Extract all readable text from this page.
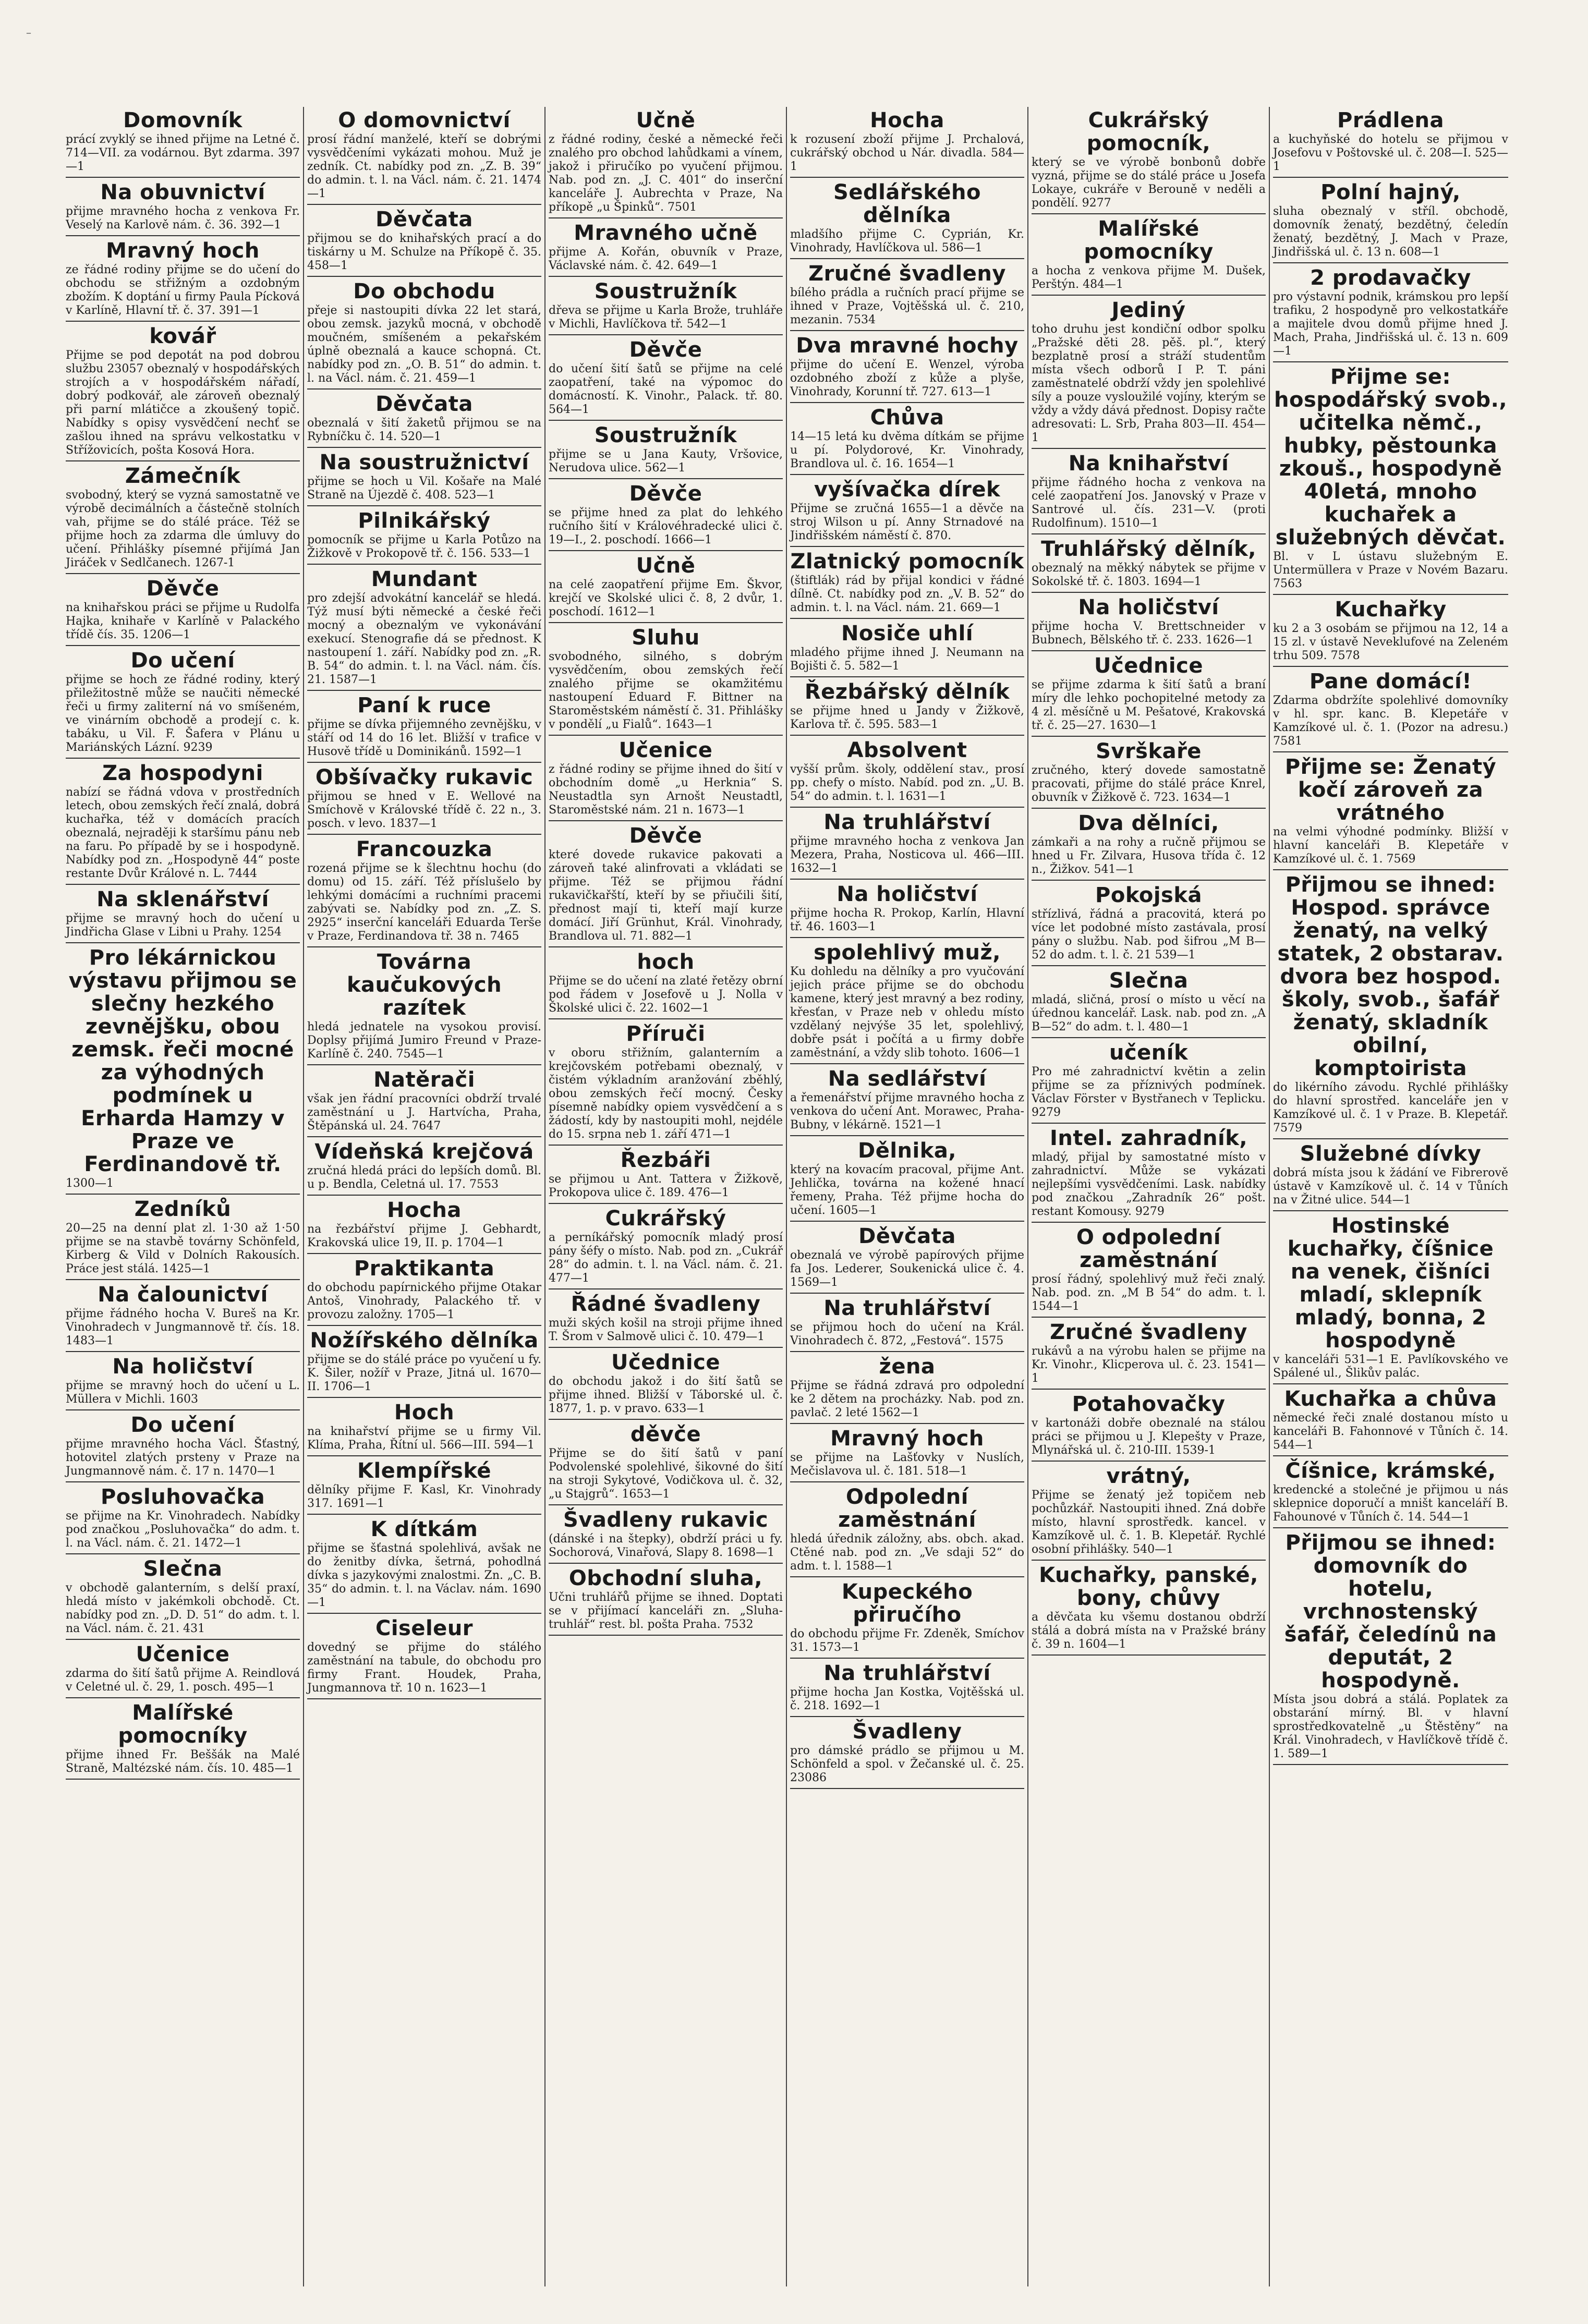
–
Domovník

prácí zvyklý se ihned přijme na Letné č. 714—VII. za vodárnou. Byt zdarma. 397—1

Na obuvnictví

přijme mravného hocha z venkova Fr. Veselý na Karlově nám. č. 36. 392—1

Mravný hoch

ze řádné rodiny přijme se do učení do obchodu se střižným a ozdobným zbožím. K doptání u firmy Paula Pícková v Karlíně, Hlavní tř. č. 37. 391—1

kovář

Přijme se pod depotát na pod dobrou službu 23057 obeznalý v hospodářských strojích a v hospodářském nářadí, dobrý podkovář, ale zároveň obeznalý při parní mlátičce a zkoušený topič. Nabídky s opisy vysvědčení nechť se zašlou ihned na správu velkostatku v Střížovicích, pošta Kosová Hora.

Zámečník

svobodný, který se vyzná samostatně ve výrobě decimálních a částečně stolních vah, přijme se do stálé práce. Též se přijme hoch za zdarma dle úmluvy do učení. Přihlášky písemné přijímá Jan Jiráček v Sedlčanech. 1267-1

Děvče

na knihařskou práci se přijme u Rudolfa Hajka, knihaře v Karlíně v Palackého třídě čís. 35. 1206—1

Do učení

přijme se hoch ze řádné rodiny, který přiležitostně může se naučiti německé řeči u firmy zaliterní ná vo smíšeném, ve vinárním obchodě a prodejí c. k. tabáku, u Vil. F. Šafera v Plánu u Mariánských Lázní. 9239

Za hospodyni

nabízí se řádná vdova v prostředních letech, obou zemských řečí znalá, dobrá kuchařka, též v domácích pracích obeznalá, nejraději k staršímu pánu neb na faru. Po případě by se i hospodyně. Nabídky pod zn. „Hospodyně 44“ poste restante Dvůr Králové n. L. 7444

Na sklenářství

přijme se mravný hoch do učení u Jindřicha Glase v Libni u Prahy. 1254

Pro lékárnickou výstavu přijmou se slečny hezkého zevnějšku, obou zemsk. řeči mocné za výhodných podmínek u Erharda Hamzy v Praze ve Ferdinandově tř.

1300—1

Zedníků

20—25 na denní plat zl. 1·30 až 1·50 přijme se na stavbě továrny Schönfeld, Kirberg & Vild v Dolních Rakousích. Práce jest stálá. 1425—1

Na čalounictví

přijme řádného hocha V. Bureš na Kr. Vinohradech v Jungmannově tř. čís. 18. 1483—1

Na holičství

přijme se mravný hoch do učení u L. Müllera v Michli. 1603

Do učení

přijme mravného hocha Václ. Šťastný, hotovitel zlatých prsteny v Praze na Jungmannově nám. č. 17 n. 1470—1

Posluhovačka

se přijme na Kr. Vinohradech. Nabídky pod značkou „Posluhovačka“ do adm. t. l. na Václ. nám. č. 21. 1472—1

Slečna

v obchodě galanterním, s delší praxí, hledá místo v jakémkoli obchodě. Ct. nabídky pod zn. „D. D. 51“ do adm. t. l. na Václ. nám. č. 21. 431

Učenice

zdarma do šití šatů přijme A. Reindlová v Celetné ul. č. 29, 1. posch. 495—1

Malířské pomocníky

přijme ihned Fr. Beššák na Malé Straně, Maltézské nám. čís. 10. 485—1

O domovnictví

prosí řádní manželé, kteří se dobrými vysvědčeními vykázati mohou. Muž je zedník. Ct. nabídky pod zn. „Z. B. 39“ do admin. t. l. na Václ. nám. č. 21. 1474—1

Děvčata

přijmou se do knihařských prací a do tiskárny u M. Schulze na Příkopě č. 35. 458—1

Do obchodu

přeje si nastoupiti dívka 22 let stará, obou zemsk. jazyků mocná, v obchodě moučném, smíšeném a pekařském úplně obeznalá a kauce schopná. Ct. nabídky pod zn. „O. B. 51“ do admin. t. l. na Václ. nám. č. 21. 459—1

Děvčata

obeznalá v šití žaketů přijmou se na Rybníčku č. 14. 520—1

Na soustružnictví

přijme se hoch u Vil. Košaře na Malé Straně na Újezdě č. 408. 523—1

Pilnikářský

pomocník se přijme u Karla Potůzo na Žižkově v Prokopově tř. č. 156. 533—1

Mundant

pro zdejší advokátní kancelář se hledá. Týž musí býti německé a české řeči mocný a obeznalým ve vykonávání exekucí. Stenografie dá se přednost. K nastoupení 1. září. Nabídky pod zn. „R. B. 54“ do admin. t. l. na Václ. nám. čís. 21. 1587—1

Paní k ruce

přijme se dívka přijemného zevnějšku, v stáří od 14 do 16 let. Bližší v trafice v Husově třídě u Dominikánů. 1592—1

Obšívačky rukavic

přijmou se hned v E. Wellové na Smíchově v Královské třídě č. 22 n., 3. posch. v levo. 1837—1

Francouzka

rozená přijme se k šlechtnu hochu (do domu) od 15. září. Též příslušelo by lehkými domácími a ruchními pracemi zabývati se. Nabídky pod zn. „Z. S. 2925“ inserční kanceláři Eduarda Terše v Praze, Ferdinandova tř. 38 n. 7465

Továrna kaučukových razítek

hledá jednatele na vysokou provisí. Doplsy přijímá Jumiro Freund v Praze-Karlíně č. 240. 7545—1

Natěrači

však jen řádní pracovníci obdrží trvalé zaměstnání u J. Hartvícha, Praha, Štěpánská ul. 24. 7647

Vídeňská krejčová

zručná hledá práci do lepších domů. Bl. u p. Bendla, Celetná ul. 17. 7553

Hocha

na řezbářství přijme J. Gebhardt, Krakovská ulice 19, II. p. 1704—1

Praktikanta

do obchodu papírnického přijme Otakar Antoš, Vinohrady, Palackého tř. v provozu založny. 1705—1

Nožířského dělníka

přijme se do stálé práce po vyučení u fy. K. Šiler, nožíř v Praze, Jitná ul. 1670—II. 1706—1

Hoch

na knihařství přijme se u firmy Vil. Klíma, Praha, Řítní ul. 566—III. 594—1

Klempířské

dělníky přijme F. Kasl, Kr. Vinohrady 317. 1691—1

K dítkám

přijme se šťastná spolehlivá, avšak ne do ženitby dívka, šetrná, pohodlná dívka s jazykovými znalostmi. Zn. „C. B. 35“ do admin. t. l. na Václav. nám. 1690—1

Ciseleur

dovedný se přijme do stálého zaměstnání na tabule, do obchodu pro firmy Frant. Houdek, Praha, Jungmannova tř. 10 n. 1623—1

Učně

z řádné rodiny, české a německé řeči znalého pro obchod lahůdkami a vínem, jakož i přiručíko po vyučení přijmou. Nab. pod zn. „J. C. 401“ do inserční kanceláře J. Aubrechta v Praze, Na příkopě „u Špinků“. 7501

Mravného učně

přijme A. Kořán, obuvník v Praze, Václavské nám. č. 42. 649—1

Soustružník

dřeva se přijme u Karla Brože, truhláře v Michli, Havlíčkova tř. 542—1

Děvče

do učení šití šatů se přijme na celé zaopatření, také na výpomoc do domácností. K. Vinohr., Palack. tř. 80. 564—1

Soustružník

přijme se u Jana Kauty, Vršovice, Nerudova ulice. 562—1

Děvče

se přijme hned za plat do lehkého ručního šití v Královéhradecké ulici č. 19—I., 2. poschodí. 1666—1

Učně

na celé zaopatření přijme Em. Škvor, krejčí ve Skolské ulici č. 8, 2 dvůr, 1. poschodí. 1612—1

Sluhu

svobodného, silného, s dobrým vysvědčením, obou zemských řečí znalého přijme se okamžitému nastoupení Eduard F. Bittner na Staroměstském náměstí č. 31. Přihlášky v pondělí „u Fialů“. 1643—1

Učenice

z řádné rodiny se přijme ihned do šití v obchodním domě „u Herknia“ S. Neustadtla syn Arnošt Neustadtl, Staroměstské nám. 21 n. 1673—1

Děvče

které dovede rukavice pakovati a zároveň také alinfrovati a vkládati se přijme. Též se přijmou řádní rukavičkařští, kteří by se přiučili šití, přednost mají ti, kteří mají kurze domácí. Jiří Grünhut, Král. Vinohrady, Brandlova ul. 71. 882—1

hoch

Přijme se do učení na zlaté řetězy obrní pod řádem v Josefově u J. Nolla v Školské ulici č. 22. 1602—1

Příruči

v oboru střižním, galanterním a krejčovském potřebami obeznalý, v čistém výkladním aranžování zběhlý, obou zemských řečí mocný. Česky písemně nabídky opiem vysvědčení a s žádostí, kdy by nastoupiti mohl, nejdéle do 15. srpna neb 1. září 471—1

Řezbáři

se přijmou u Ant. Tattera v Žižkově, Prokopova ulice č. 189. 476—1

Cukrářský

a perníkářský pomocník mladý prosí pány šéfy o místo. Nab. pod zn. „Cukrář 28“ do admin. t. l. na Václ. nám. č. 21. 477—1

Řádné švadleny

muži ských košil na stroji přijme ihned T. Šrom v Salmově ulici č. 10. 479—1

Učednice

do obchodu jakož i do šití šatů se přijme ihned. Bližší v Táborské ul. č. 1877, 1. p. v pravo. 633—1

děvče

Přijme se do šití šatů v paní Podvolenské spolehlivé, šikovné do šití na stroji Sykytové, Vodičkova ul. č. 32, „u Stajgrů“. 1653—1

Švadleny rukavic

(dánské i na štepky), obdrží práci u fy. Sochorová, Vinařová, Slapy 8. 1698—1

Obchodní sluha,

Učni truhlářů přijme se ihned. Doptati se v přijímací kanceláři zn. „Sluha-truhlář“ rest. bl. pošta Praha. 7532

Hocha

k rozusení zboží přijme J. Prchalová, cukrářský obchod u Nár. divadla. 584—1

Sedlářského dělníka

mladšího přijme C. Cyprián, Kr. Vinohrady, Havlíčkova ul. 586—1

Zručné švadleny

bílého prádla a ručních prací přijme se ihned v Praze, Vojtěšská ul. č. 210, mezanin. 7534

Dva mravné hochy

přijme do učení E. Wenzel, výroba ozdobného zboží z kůže a plyše, Vinohrady, Korunní tř. 727. 613—1

Chůva

14—15 letá ku dvěma dítkám se přijme u pí. Polydorové, Kr. Vinohrady, Brandlova ul. č. 16. 1654—1

vyšívačka dírek

Přijme se zručná 1655—1 a děvče na stroj Wilson u pí. Anny Strnadové na Jindřišském náměstí č. 870.

Zlatnický pomocník

(štiftlák) rád by přijal kondici v řádné dílně. Ct. nabídky pod zn. „V. B. 52“ do admin. t. l. na Václ. nám. 21. 669—1

Nosiče uhlí

mladého přijme ihned J. Neumann na Bojišti č. 5. 582—1

Řezbářský dělník

se přijme hned u Jandy v Žižkově, Karlova tř. č. 595. 583—1

Absolvent

vyšší prům. školy, oddělení stav., prosí pp. chefy o místo. Nabíd. pod zn. „U. B. 54“ do admin. t. l. 1631—1

Na truhlářství

přijme mravného hocha z venkova Jan Mezera, Praha, Nosticova ul. 466—III. 1632—1

Na holičství

přijme hocha R. Prokop, Karlín, Hlavní tř. 46. 1603—1

spolehlivý muž,

Ku dohledu na dělníky a pro vyučování jejich práce přijme se do obchodu kamene, který jest mravný a bez rodiny, křesťan, v Praze neb v ohledu místo vzdělaný nejvýše 35 let, spolehlivý, dobře psát i počítá a u firmy dobře zaměstnání, a vždy slib tohoto. 1606—1

Na sedlářství

a řemenářství přijme mravného hocha z venkova do učení Ant. Morawec, Praha-Bubny, v lékárně. 1521—1

Dělnika,

který na kovacím pracoval, přijme Ant. Jehlička, továrna na kožené hnací řemeny, Praha. Též přijme hocha do učení. 1605—1

Děvčata

obeznalá ve výrobě papírových přijme fa Jos. Lederer, Soukenická ulice č. 4. 1569—1

Na truhlářství

se přijmou hoch do učení na Král. Vinohradech č. 872, „Festová“. 1575

žena

Přijme se řádná zdravá pro odpolední ke 2 dětem na procházky. Nab. pod zn. pavlač. 2 leté 1562—1

Mravný hoch

se přijme na Lašťovky v Nuslích, Mečislavova ul. č. 181. 518—1

Odpolední zaměstnání

hledá úřednik záložny, abs. obch. akad. Ctěné nab. pod zn. „Ve sdaji 52“ do adm. t. l. 1588—1

Kupeckého přiručího

do obchodu přijme Fr. Zdeněk, Smíchov 31. 1573—1

Na truhlářství

přijme hocha Jan Kostka, Vojtěšská ul. č. 218. 1692—1

Švadleny

pro dámské prádlo se přijmou u M. Schönfeld a spol. v Žečanské ul. č. 25. 23086

Cukrářský pomocník,

který se ve výrobě bonbonů dobře vyzná, přijme se do stálé práce u Josefa Lokaye, cukráře v Berouně v neděli a pondělí. 9277

Malířské pomocníky

a hocha z venkova přijme M. Dušek, Perštýn. 484—1

Jediný

toho druhu jest kondiční odbor spolku „Pražské děti 28. pěš. pl.“, který bezplatně prosí a stráží studentům místa všech odborů I P. T. páni zaměstnatelé obdrží vždy jen spolehlivé síly a pouze vysloužilé vojíny, kterým se vždy a vždy dává přednost. Dopisy račte adresovati: L. Srb, Praha 803—II. 454—1

Na knihařství

přijme řádného hocha z venkova na celé zaopatření Jos. Janovský v Praze v Santrové ul. čís. 231—V. (proti Rudolfinum). 1510—1

Truhlářský dělník,

obeznalý na měkký nábytek se přijme v Sokolské tř. č. 1803. 1694—1

Na holičství

přijme hocha V. Brettschneider v Bubnech, Bělského tř. č. 233. 1626—1

Učednice

se přijme zdarma k šití šatů a braní míry dle lehko pochopitelné metody za 4 zl. měsíčně u M. Pešatové, Krakovská tř. č. 25—27. 1630—1

Svrškaře

zručného, který dovede samostatně pracovati, přijme do stálé práce Knrel, obuvník v Žižkově č. 723. 1634—1

Dva dělníci,

zámkaři a na rohy a ručně přijmou se hned u Fr. Zilvara, Husova třída č. 12 n., Žižkov. 541—1

Pokojská

střízlivá, řádná a pracovitá, která po více let podobné místo zastávala, prosí pány o službu. Nab. pod šifrou „M B—52 do adm. t. l. č. 21 539—1

Slečna

mladá, sličná, prosí o místo u věcí na úřednou kancelář. Lask. nab. pod zn. „A B—52“ do adm. t. l. 480—1

učeník

Pro mé zahradnictví květin a zelin přijme se za příznivých podmínek. Václav Förster v Bystřanech v Teplicku. 9279

Intel. zahradník,

mladý, přijal by samostatné místo v zahradnictví. Může se vykázati nejlepšími vysvědčeními. Lask. nabídky pod značkou „Zahradník 26“ pošt. restant Komousy. 9279

O odpolední zaměstnání

prosí řádný, spolehlivý muž řeči znalý. Nab. pod. zn. „M B 54“ do adm. t. l. 1544—1

Zručné švadleny

rukávů a na výrobu halen se přijme na Kr. Vinohr., Klicperova ul. č. 23. 1541—1

Potahovačky

v kartonáži dobře obeznalé na stálou práci se přijmou u J. Klepešty v Praze, Mlynářská ul. č. 210-III. 1539-1

vrátný,

Přijme se ženatý jež topičem neb pochůzkář. Nastoupiti ihned. Zná dobře místo, hlavní sprostředk. kancel. v Kamzíkově ul. č. 1. B. Klepetář. Rychlé osobní přihlášky. 540—1

Kuchařky, panské, bony, chůvy

a děvčata ku všemu dostanou obdrží stálá a dobrá místa na v Pražské brány č. 39 n. 1604—1

Prádlena

a kuchyňské do hotelu se přijmou v Josefovu v Poštovské ul. č. 208—I. 525—1

Polní hajný,

sluha obeznalý v stříl. obchodě, domovník ženatý, bezdětný, čeledín ženatý, bezdětný, J. Mach v Praze, Jindřišská ul. č. 13 n. 608—1

2 prodavačky

pro výstavní podnik, krámskou pro lepší trafiku, 2 hospodyně pro velkostatkáře a majitele dvou domů přijme hned J. Mach, Praha, Jindřišská ul. č. 13 n. 609—1

Přijme se: hospodářský svob., učitelka němč., hubky, pěstounka zkouš., hospodyně 40letá, mnoho kuchařek a služebných děvčat.

Bl. v L ústavu služebným E. Untermüllera v Praze v Novém Bazaru. 7563

Kuchařky

ku 2 a 3 osobám se přijmou na 12, 14 a 15 zl. v ústavě Neveklufové na Zeleném trhu 509. 7578

Pane domácí!

Zdarma obdržíte spolehlivé domovníky v hl. spr. kanc. B. Klepetáře v Kamzíkové ul. č. 1. (Pozor na adresu.) 7581

Přijme se: Ženatý kočí zároveň za vrátného

na velmi výhodné podmínky. Bližší v hlavní kanceláři B. Klepetáře v Kamzíkové ul. č. 1. 7569

Přijmou se ihned: Hospod. správce ženatý, na velký statek, 2 obstarav. dvora bez hospod. školy, svob., šafář ženatý, skladník obilní, komptoirista

do likérního závodu. Rychlé přihlášky do hlavní sprostřed. kanceláře jen v Kamzíkové ul. č. 1 v Praze. B. Klepetář. 7579

Služebné dívky

dobrá místa jsou k žádání ve Fibrerově ústavě v Kamzíkově ul. č. 14 v Tůních na v Žitné ulice. 544—1

Hostinské kuchařky, číšnice na venek, čišníci mladí, sklepník mladý, bonna, 2 hospodyně

v kanceláři 531—1 E. Pavlíkovského ve Spálené ul., Šlikův palác.

Kuchařka a chůva

německé řeči znalé dostanou místo u kanceláři B. Fahonnové v Tůních č. 14. 544—1

Číšnice, krámské,

kredencké a stolečné je přijmou u nás sklepnice doporučí a mništ kanceláří B. Fahounové v Tůních č. 14. 544—1

Přijmou se ihned: domovník do hotelu, vrchnostenský šafář, čeledínů na deputát, 2 hospodyně.

Místa jsou dobrá a stálá. Poplatek za obstarání mírný. Bl. v hlavní sprostředkovatelně „u Štěstěny“ na Král. Vinohradech, v Havlíčkově třídě č. 1. 589—1
